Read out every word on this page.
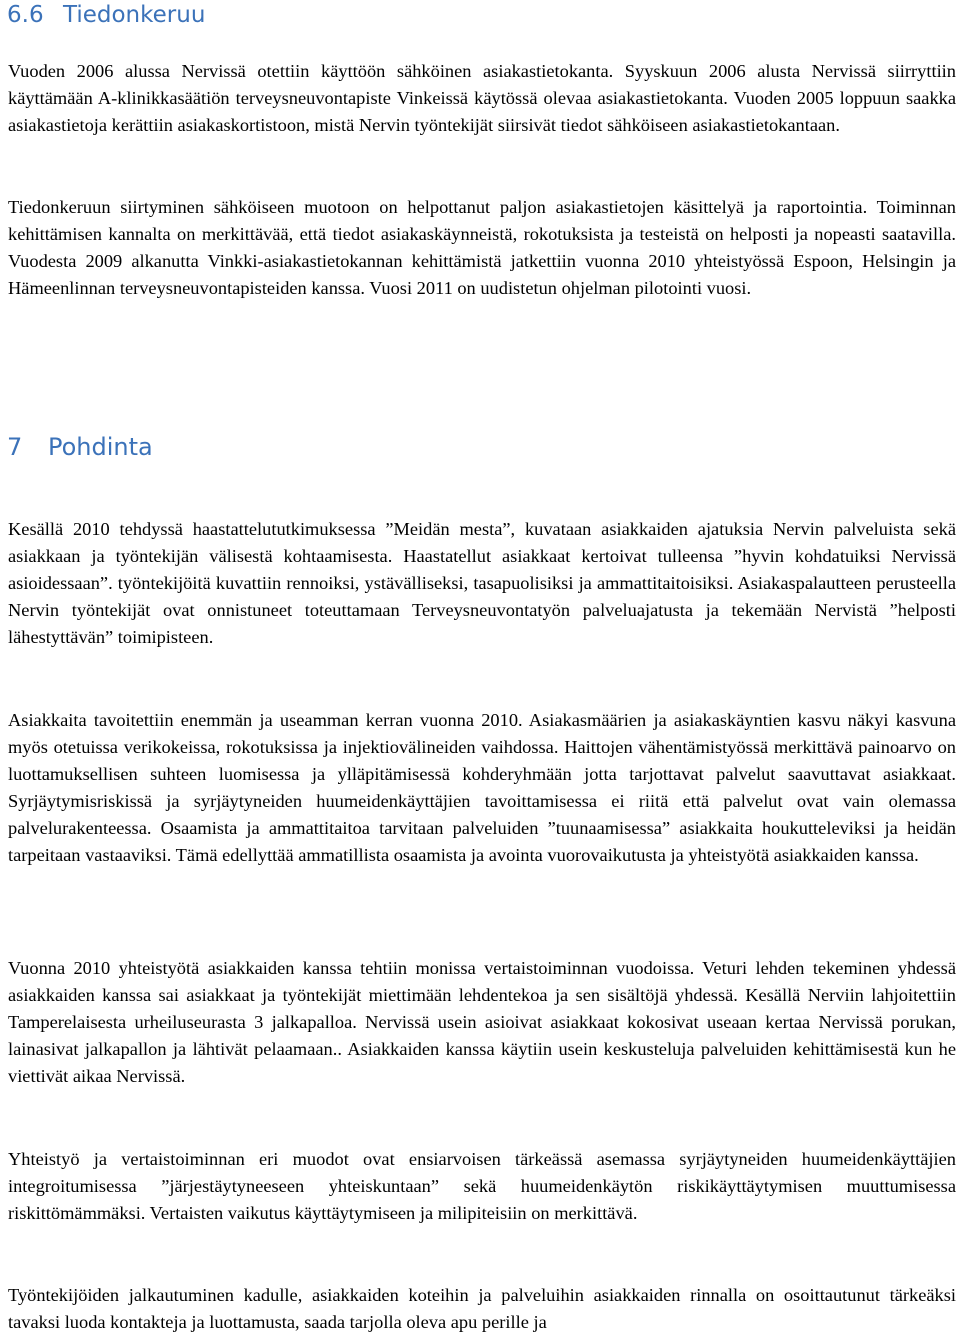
6.6 Tiedonkeruu

Vuoden 2006 alussa Nervissä otettiin käyttöön sähköinen asiakastietokanta. Syyskuun 2006 alusta Nervissä siirryttiin käyttämään A-klinikkasäätiön terveysneuvontapiste Vinkeissä käytössä olevaa asiakastietokanta. Vuoden 2005 loppuun saakka asiakastietoja kerättiin asiakaskortistoon, mistä Nervin työntekijät siirsivät tiedot sähköiseen asiakastietokantaan.

Tiedonkeruun siirtyminen sähköiseen muotoon on helpottanut paljon asiakastietojen käsittelyä ja raportointia. Toiminnan kehittämisen kannalta on merkittävää, että tiedot asiakaskäynneistä, rokotuksista ja testeistä on helposti ja nopeasti saatavilla. Vuodesta 2009 alkanutta Vinkki-asiakastietokannan kehittämistä jatkettiin vuonna 2010 yhteistyössä Espoon, Helsingin ja Hämeenlinnan terveysneuvontapisteiden kanssa. Vuosi 2011 on uudistetun ohjelman pilotointi vuosi.

7 Pohdinta

Kesällä 2010 tehdyssä haastattelututkimuksessa ”Meidän mesta”, kuvataan asiakkaiden ajatuksia Nervin palveluista sekä asiakkaan ja työntekijän välisestä kohtaamisesta. Haastatellut asiakkaat kertoivat tulleensa ”hyvin kohdatuiksi Nervissä asioidessaan”. työntekijöitä kuvattiin rennoiksi, ystävälliseksi, tasapuolisiksi ja ammattitaitoisiksi. Asiakaspalautteen perusteella Nervin työntekijät ovat onnistuneet toteuttamaan Terveysneuvontatyön palveluajatusta ja tekemään Nervistä ”helposti lähestyttävän” toimipisteen.

Asiakkaita tavoitettiin enemmän ja useamman kerran vuonna 2010. Asiakasmäärien ja asiakaskäyntien kasvu näkyi kasvuna myös otetuissa verikokeissa, rokotuksissa ja injektiovälineiden vaihdossa. Haittojen vähentämistyössä merkittävä painoarvo on luottamuksellisen suhteen luomisessa ja ylläpitämisessä kohderyhmään jotta tarjottavat palvelut saavuttavat asiakkaat. Syrjäytymisriskissä ja syrjäytyneiden huumeidenkäyttäjien tavoittamisessa ei riitä että palvelut ovat vain olemassa palvelurakenteessa. Osaamista ja ammattitaitoa tarvitaan palveluiden ”tuunaamisessa” asiakkaita houkutteleviksi ja heidän tarpeitaan vastaaviksi. Tämä edellyttää ammatillista osaamista ja avointa vuorovaikutusta ja yhteistyötä asiakkaiden kanssa.

Vuonna 2010 yhteistyötä asiakkaiden kanssa tehtiin monissa vertaistoiminnan vuodoissa. Veturi lehden tekeminen yhdessä asiakkaiden kanssa sai asiakkaat ja työntekijät miettimään lehdentekoa ja sen sisältöjä yhdessä. Kesällä Nerviin lahjoitettiin Tamperelaisesta urheiluseurasta 3 jalkapalloa. Nervissä usein asioivat asiakkaat kokosivat useaan kertaa Nervissä porukan, lainasivat jalkapallon ja lähtivät pelaamaan.. Asiakkaiden kanssa käytiin usein keskusteluja palveluiden kehittämisestä kun he viettivät aikaa Nervissä.

Yhteistyö ja vertaistoiminnan eri muodot ovat ensiarvoisen tärkeässä asemassa syrjäytyneiden huumeidenkäyttäjien integroitumisessa ”järjestäytyneeseen yhteiskuntaan” sekä huumeidenkäytön riskikäyttäytymisen muuttumisessa riskittömämmäksi. Vertaisten vaikutus käyttäytymiseen ja milipiteisiin on merkittävä.

Työntekijöiden jalkautuminen kadulle, asiakkaiden koteihin ja palveluihin asiakkaiden rinnalla on osoittautunut tärkeäksi tavaksi luoda kontakteja ja luottamusta, saada tarjolla oleva apu perille ja
